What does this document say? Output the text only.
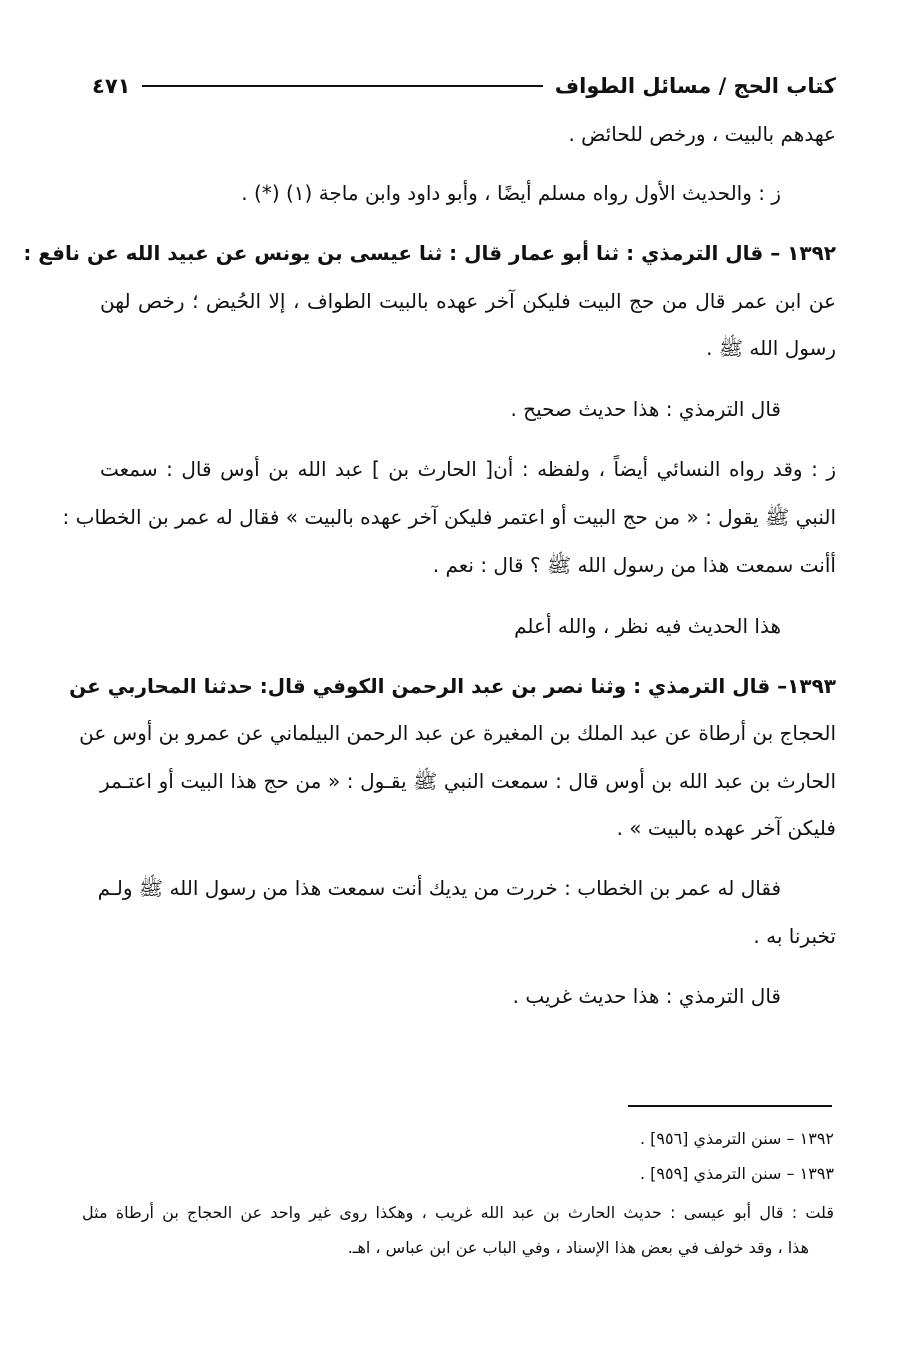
كتاب الحج / مسائل الطواف
٤٧١
عهدهم بالبيت ، ورخص للحائض .
ز : والحديث الأول رواه مسلم أيضًا ، وأبو داود وابن ماجة (١) (*) .
١٣٩٢ – قال الترمذي : ثنا أبو عمار قال : ثنا عيسى بن يونس عن عبيد الله عن نافع :
عن ابن عمر قال من حج البيت فليكن آخر عهده بالبيت الطواف ، إلا الحُيض ؛ رخص لهن
رسول الله ﷺ .
قال الترمذي : هذا حديث صحيح .
ز : وقد رواه النسائي أيضاً ، ولفظه : أن[ الحارث بن ] عبد الله بن أوس قال : سمعت
النبي ﷺ يقول : « من حج البيت أو اعتمر فليكن آخر عهده بالبيت » فقال له عمر بن الخطاب :
أأنت سمعت هذا من رسول الله ﷺ ؟ قال : نعم .
هذا الحديث فيه نظر ، والله أعلم
١٣٩٣– قال الترمذي : وثنا نصر بن عبد الرحمن الكوفي قال: حدثنا المحاربي عن
الحجاج بن أرطاة عن عبد الملك بن المغيرة عن عبد الرحمن البيلماني عن عمرو بن أوس عن
الحارث بن عبد الله بن أوس قال : سمعت النبي ﷺ يقـول : « من حج هذا البيت أو اعتـمر
فليكن آخر عهده بالبيت » .
فقال له عمر بن الخطاب : خررت من يديك أنت سمعت هذا من رسول الله ﷺ ولـم
تخبرنا به .
قال الترمذي : هذا حديث غريب .
١٣٩٢ – سنن الترمذي [٩٥٦] .
١٣٩٣ – سنن الترمذي [٩٥٩] .
قلت : قال أبو عيسى : حديث الحارث بن عبد الله غريب ، وهكذا روى غير واحد عن الحجاج بن أرطاة مثل
هذا ، وقد خولف في بعض هذا الإسناد ، وفي الباب عن ابن عباس ، اهـ.
